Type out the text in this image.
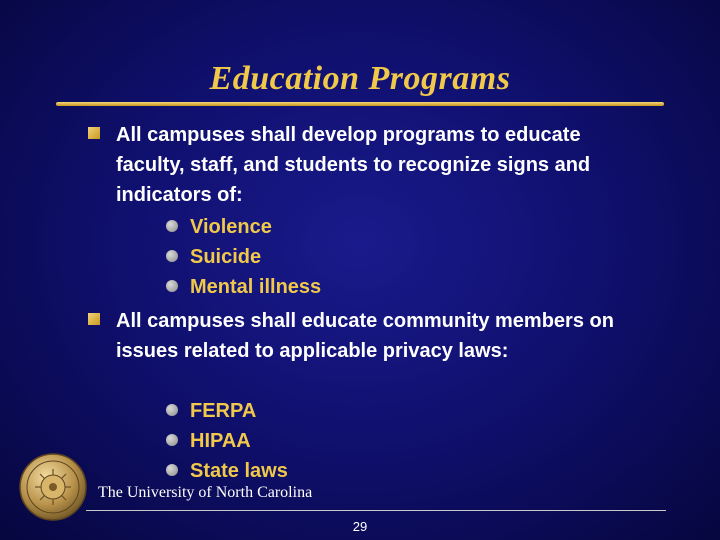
Education Programs
All campuses shall develop programs to educate faculty, staff, and students to recognize signs and indicators of:
Violence
Suicide
Mental illness
All campuses shall educate community members on issues related to applicable privacy laws:
FERPA
HIPAA
State laws
The University of North Carolina
29
